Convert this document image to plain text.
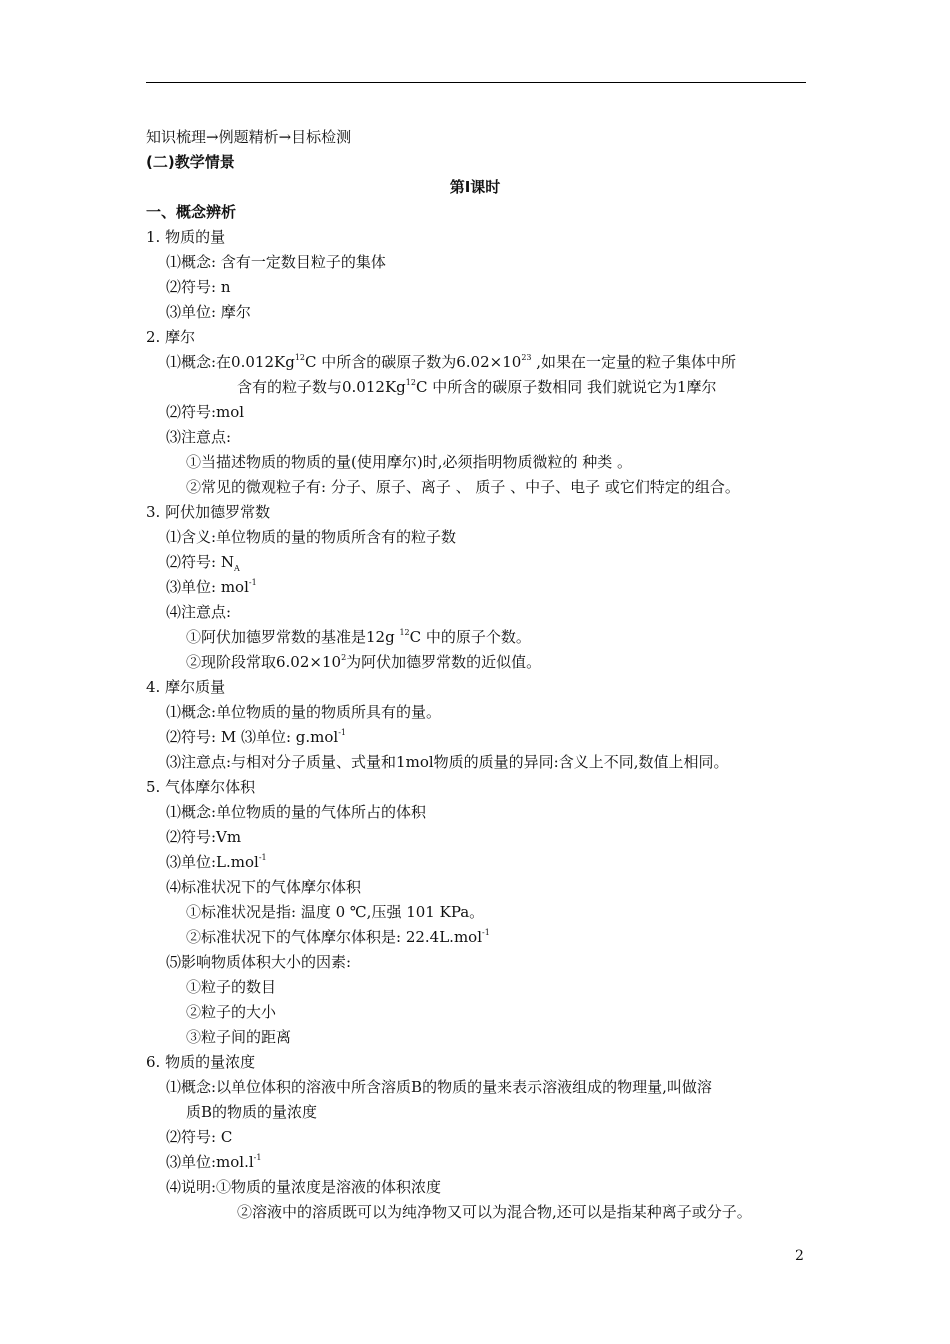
知识梳理→例题精析→目标检测
(二)教学情景
第Ⅰ课时
一、概念辨析
1. 物质的量
⑴概念: 含有一定数目粒子的集体
⑵符号: n
⑶单位: 摩尔
2. 摩尔
⑴概念:在0.012Kg$^{12}$C 中所含的碳原子数为$6.02\times 10^{23}$ ,如果在一定量的粒子集体中所
含有的粒子数与0.012Kg$^{12}$C 中所含的碳原子数相同 我们就说它为1摩尔
⑵符号:mol
⑶注意点:
①当描述物质的物质的量(使用摩尔)时,必须指明物质微粒的 种类 。
②常见的微观粒子有: 分子、原子、离子 、 质子 、中子、电子 或它们特定的组合。
3. 阿伏加德罗常数
⑴含义:单位物质的量的物质所含有的粒子数
⑵符号: $N_A$
⑶单位: mol$^{-1}$
⑷注意点:
①阿伏加德罗常数的基准是12g $^{12}$C 中的原子个数。
②现阶段常取$6.02\times 10^2$为阿伏加德罗常数的近似值。
4. 摩尔质量
⑴概念:单位物质的量的物质所具有的量。
⑵符号: M ⑶单位: g.mol$^{-1}$
⑶注意点:与相对分子质量、式量和1mol物质的质量的异同:含义上不同,数值上相同。
5. 气体摩尔体积
⑴概念:单位物质的量的气体所占的体积
⑵符号:Vm
⑶单位:L.mol$^{-1}$
⑷标准状况下的气体摩尔体积
①标准状况是指: 温度 0 ℃,压强 101 KPa。
②标准状况下的气体摩尔体积是: 22.4L.mol$^{-1}$
⑸影响物质体积大小的因素:
①粒子的数目
②粒子的大小
③粒子间的距离
6. 物质的量浓度
⑴概念:以单位体积的溶液中所含溶质B的物质的量来表示溶液组成的物理量,叫做溶
质B的物质的量浓度
⑵符号: C
⑶单位$:mol.l^{-1}$
⑷说明:①物质的量浓度是溶液的体积浓度
②溶液中的溶质既可以为纯净物又可以为混合物,还可以是指某种离子或分子。
2
